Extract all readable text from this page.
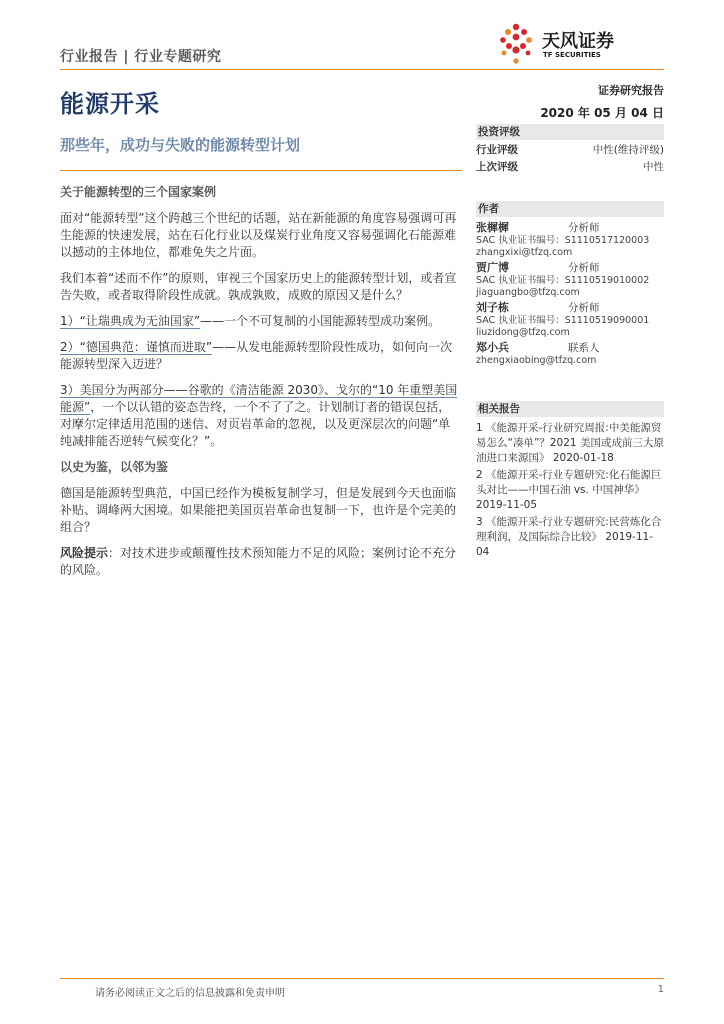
行业报告 | 行业专题研究
天风证券
TF SECURITIES
能源开采	证券研究报告
2020 年 05 月 04 日
那些年，成功与失败的能源转型计划

关于能源转型的三个国家案例

面对“能源转型”这个跨越三个世纪的话题，站在新能源的角度容易强调可再生能源的快速发展，站在石化行业以及煤炭行业角度又容易强调化石能源难以撼动的主体地位，都难免失之片面。

我们本着“述而不作”的原则，审视三个国家历史上的能源转型计划，或者宣告失败，或者取得阶段性成就。孰成孰败，成败的原因又是什么？

1）“让瑞典成为无油国家”——一个不可复制的小国能源转型成功案例。

2）“德国典范：谨慎而进取”——从发电能源转型阶段性成功，如何向一次能源转型深入迈进？

3）美国分为两部分——谷歌的《清洁能源 2030》、戈尔的“10 年重塑美国能源”，一个以认错的姿态告终，一个不了了之。计划制订者的错误包括，对摩尔定律适用范围的迷信、对页岩革命的忽视，以及更深层次的问题“单纯减排能否逆转气候变化？”。

以史为鉴，以邻为鉴

德国是能源转型典范，中国已经作为模板复制学习，但是发展到今天也面临补贴、调峰两大困境。如果能把美国页岩革命也复制一下，也许是个完美的组合？

风险提示：对技术进步或颠覆性技术预知能力不足的风险；案例讨论不充分的风险。

投资评级
行业评级	中性(维持评级)
上次评级	中性
作者
张樨樨	分析师
SAC 执业证书编号：S1110517120003
zhangxixi@tfzq.com
贾广博	分析师
SAC 执业证书编号：S1110519010002
jiaguangbo@tfzq.com
刘子栋	分析师
SAC 执业证书编号：S1110519090001
liuzidong@tfzq.com
郑小兵	联系人
zhengxiaobing@tfzq.com
相关报告
1 《能源开采-行业研究周报:中美能源贸易怎么“凑单”？2021 美国或成前三大原油进口来源国》 2020-01-18
2 《能源开采-行业专题研究:化石能源巨头对比——中国石油 vs. 中国神华》 2019-11-05
3 《能源开采-行业专题研究:民营炼化合理利润，及国际综合比较》 2019-11-04
请务必阅读正文之后的信息披露和免责申明	1
